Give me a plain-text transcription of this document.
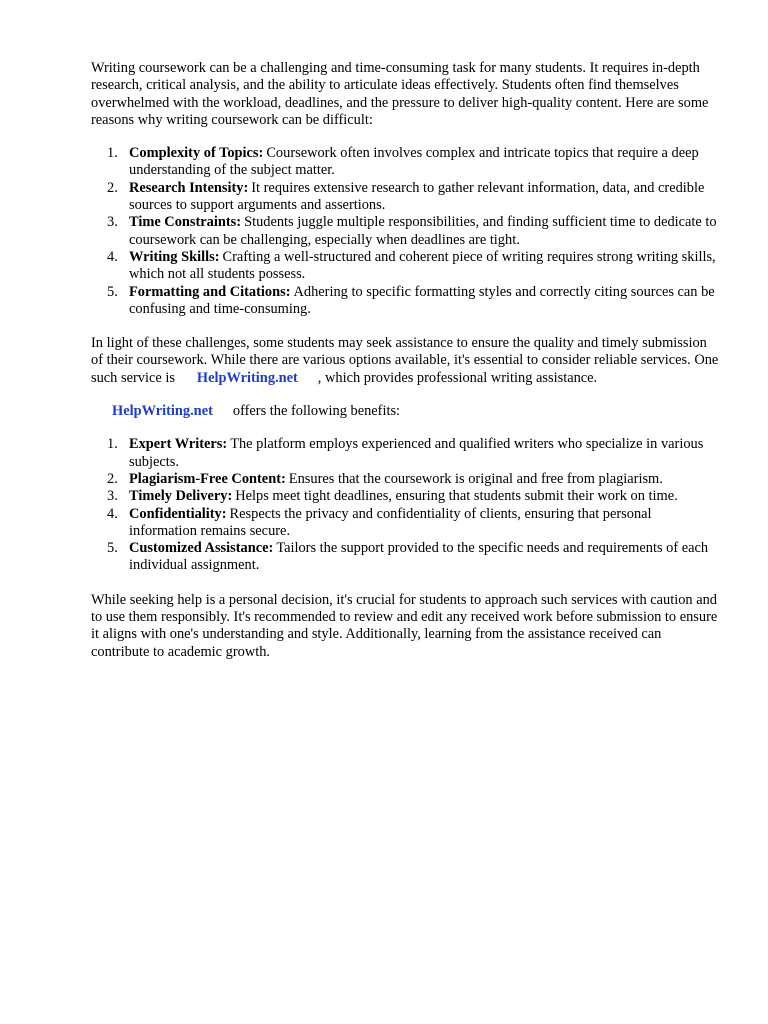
Writing coursework can be a challenging and time-consuming task for many students. It requires in-depth research, critical analysis, and the ability to articulate ideas effectively. Students often find themselves overwhelmed with the workload, deadlines, and the pressure to deliver high-quality content. Here are some reasons why writing coursework can be difficult:

1. Complexity of Topics: Coursework often involves complex and intricate topics that require a deep understanding of the subject matter.
2. Research Intensity: It requires extensive research to gather relevant information, data, and credible sources to support arguments and assertions.
3. Time Constraints: Students juggle multiple responsibilities, and finding sufficient time to dedicate to coursework can be challenging, especially when deadlines are tight.
4. Writing Skills: Crafting a well-structured and coherent piece of writing requires strong writing skills, which not all students possess.
5. Formatting and Citations: Adhering to specific formatting styles and correctly citing sources can be confusing and time-consuming.

In light of these challenges, some students may seek assistance to ensure the quality and timely submission of their coursework. While there are various options available, it's essential to consider reliable services. One such service is HelpWriting.net , which provides professional writing assistance.

HelpWriting.net offers the following benefits:

1. Expert Writers: The platform employs experienced and qualified writers who specialize in various subjects.
2. Plagiarism-Free Content: Ensures that the coursework is original and free from plagiarism.
3. Timely Delivery: Helps meet tight deadlines, ensuring that students submit their work on time.
4. Confidentiality: Respects the privacy and confidentiality of clients, ensuring that personal information remains secure.
5. Customized Assistance: Tailors the support provided to the specific needs and requirements of each individual assignment.

While seeking help is a personal decision, it's crucial for students to approach such services with caution and to use them responsibly. It's recommended to review and edit any received work before submission to ensure it aligns with one's understanding and style. Additionally, learning from the assistance received can contribute to academic growth.
